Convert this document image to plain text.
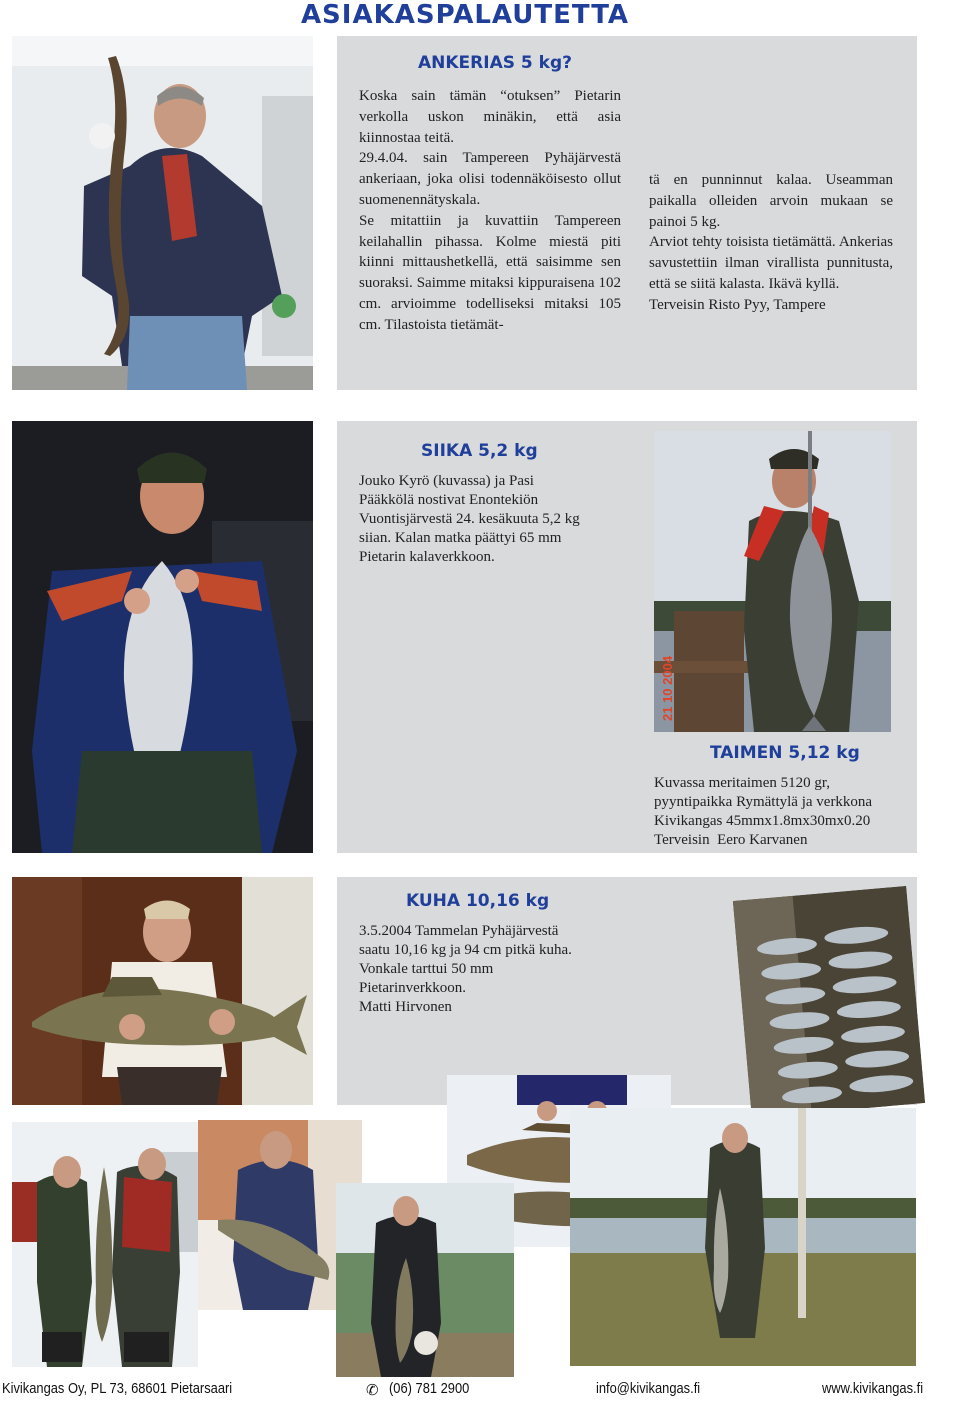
ASIAKASPALAUTETTA
ANKERIAS 5 kg?
Koska sain tämän “otuksen” Pietarin verkolla uskon minäkin, että asia kiinnostaa teitä.
29.4.04. sain Tampereen Pyhäjärvestä ankeriaan, joka olisi todennäköisesto ollut suomenennätyskala.
Se mitattiin ja kuvattiin Tampereen keilahallin pihassa. Kolme miestä piti kiinni mittaushetkellä, että saisimme sen suoraksi. Saimme mitaksi kippuraisena 102 cm. arvioimme todelliseksi mitaksi 105 cm. Tilastoista tietämät-
tä en punninnut kalaa. Useamman paikalla olleiden arvoin mukaan se painoi 5 kg.
Arviot tehty toisista tietämättä. Ankerias savustettiin ilman virallista punnitusta, että se siitä kalasta. Ikävä kyllä.
Terveisin Risto Pyy, Tampere
SIIKA 5,2 kg
Jouko Kyrö (kuvassa) ja Pasi Pääkkölä nostivat Enontekiön Vuontisjärvestä 24. kesäkuuta 5,2 kg siian. Kalan matka päättyi 65 mm Pietarin kalaverkkoon.
21 10 2004
TAIMEN 5,12 kg
Kuvassa meritaimen 5120 gr, pyyntipaikka Rymättylä ja verkkona Kivikangas 45mmx1.8mx30mx0.20
Terveisin  Eero Karvanen
KUHA 10,16 kg
3.5.2004 Tammelan Pyhäjärvestä
saatu 10,16 kg ja 94 cm pitkä kuha.
Vonkale tarttui 50 mm Pietarinverkkoon.
Matti Hirvonen
Kivikangas Oy, PL 73, 68601 Pietarsaari	✆ (06) 781 2900	info@kivikangas.fi	www.kivikangas.fi
